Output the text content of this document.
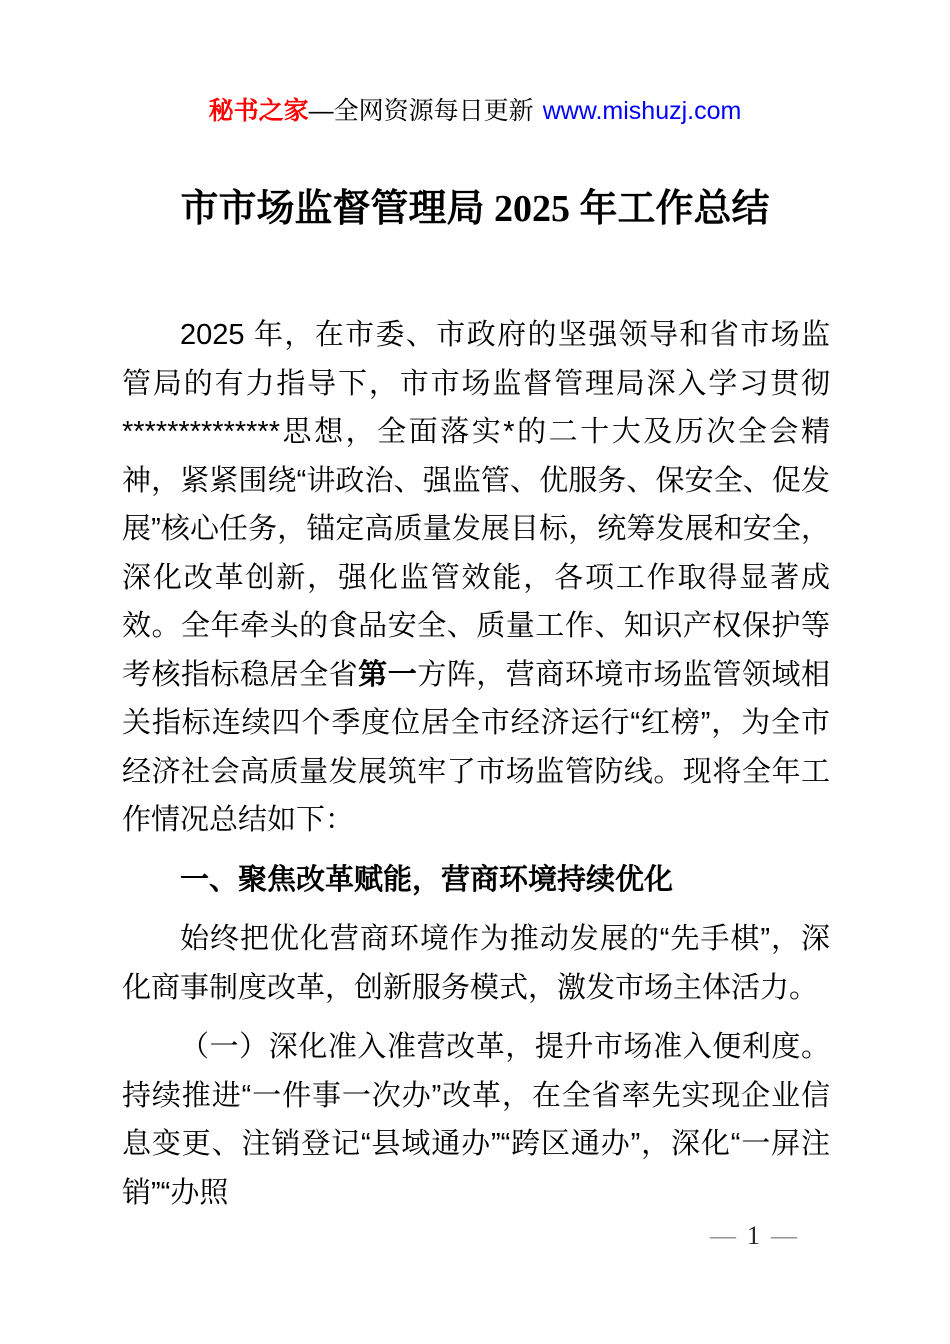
秘书之家—全网资源每日更新 www.mishuzj.com
市市场监督管理局 2025 年工作总结

2025 年，在市委、市政府的坚强领导和省市场监管局的有力指导下，市市场监督管理局深入学习贯彻**************思想，全面落实*的二十大及历次全会精神，紧紧围绕“讲政治、强监管、优服务、保安全、促发展”核心任务，锚定高质量发展目标，统筹发展和安全，深化改革创新，强化监管效能，各项工作取得显著成效。全年牵头的食品安全、质量工作、知识产权保护等考核指标稳居全省第一方阵，营商环境市场监管领域相关指标连续四个季度位居全市经济运行“红榜”，为全市经济社会高质量发展筑牢了市场监管防线。现将全年工作情况总结如下：

一、聚焦改革赋能，营商环境持续优化

始终把优化营商环境作为推动发展的“先手棋”，深化商事制度改革，创新服务模式，激发市场主体活力。

（一）深化准入准营改革，提升市场准入便利度。持续推进“一件事一次办”改革，在全省率先实现企业信息变更、注销登记“县域通办”“跨区通办”，深化“一屏注销”“办照

— 1 —
